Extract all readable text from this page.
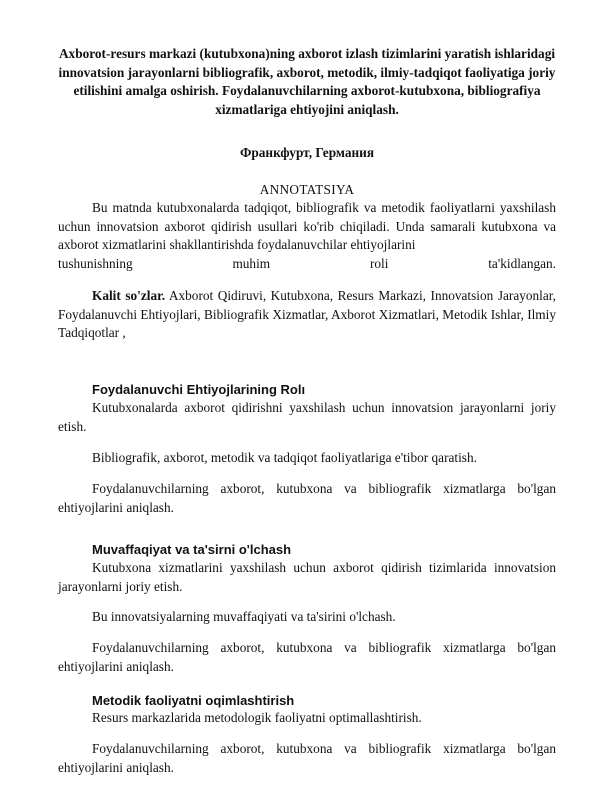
Axborot-resurs markazi (kutubxona)ning axborot izlash tizimlarini yaratish ishlaridagi innovatsion jarayonlarni bibliografik, axborot, metodik, ilmiy-tadqiqot faoliyatiga joriy etilishini amalga oshirish. Foydalanuvchilarning axborot-kutubxona, bibliografiya xizmatlariga ehtiyojini aniqlash.

Франкфурт, Германия

ANNOTATSIYA

Bu matnda kutubxonalarda tadqiqot, bibliografik va metodik faoliyatlarni yaxshilash uchun innovatsion axborot qidirish usullari ko'rib chiqiladi. Unda samarali kutubxona va axborot xizmatlarini shakllantirishda foydalanuvchilar ehtiyojlarini

tushunishning muhim roli ta'kidlangan.

Kalit so'zlar. Axborot Qidiruvi, Kutubxona, Resurs Markazi, Innovatsion Jarayonlar, Foydalanuvchi Ehtiyojlari, Bibliografik Xizmatlar, Axborot Xizmatlari, Metodik Ishlar, Ilmiy Tadqiqotlar ,

Foydalanuvchi Ehtiyojlarining Rolı

Kutubxonalarda axborot qidirishni yaxshilash uchun innovatsion jarayonlarni joriy etish.

Bibliografik, axborot, metodik va tadqiqot faoliyatlariga e'tibor qaratish.

Foydalanuvchilarning axborot, kutubxona va bibliografik xizmatlarga bo'lgan ehtiyojlarini aniqlash.

Muvaffaqiyat va ta'sirni o'lchash

Kutubxona xizmatlarini yaxshilash uchun axborot qidirish tizimlarida innovatsion jarayonlarni joriy etish.

Bu innovatsiyalarning muvaffaqiyati va ta'sirini o'lchash.

Foydalanuvchilarning axborot, kutubxona va bibliografik xizmatlarga bo'lgan ehtiyojlarini aniqlash.

Metodik faoliyatni oqimlashtirish

Resurs markazlarida metodologik faoliyatni optimallashtirish.

Foydalanuvchilarning axborot, kutubxona va bibliografik xizmatlarga bo'lgan ehtiyojlarini aniqlash.
